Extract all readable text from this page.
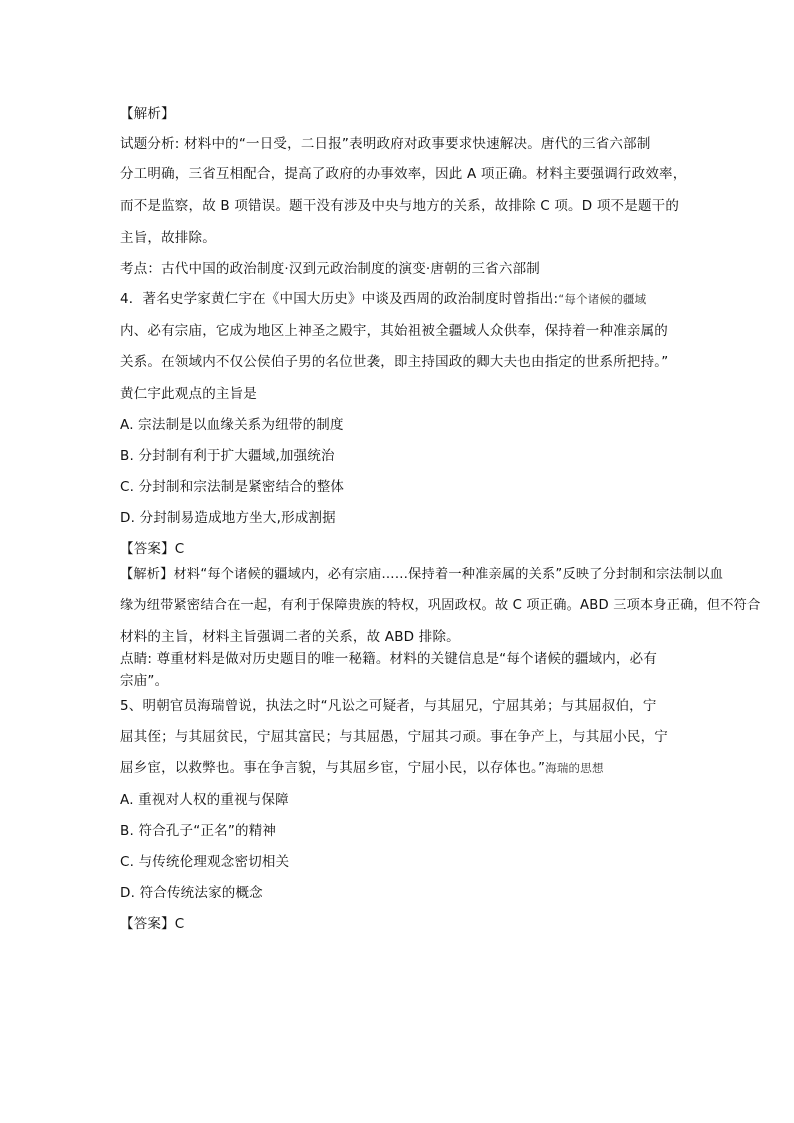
【解析】
试题分析: 材料中的“一日受，二日报”表明政府对政事要求快速解决。唐代的三省六部制
分工明确，三省互相配合，提高了政府的办事效率，因此 A 项正确。材料主要强调行政效率，
而不是监察，故 B 项错误。题干没有涉及中央与地方的关系，故排除 C 项。D 项不是题干的
主旨，故排除。
考点：古代中国的政治制度·汉到元政治制度的演变·唐朝的三省六部制
4．著名史学家黄仁宇在《中国大历史》中谈及西周的政治制度时曾指出:“每个诸候的疆域
内、必有宗庙，它成为地区上神圣之殿宇，其始祖被全疆域人众供奉，保持着一种准亲属的
关系。在领域内不仅公侯伯子男的名位世袭，即主持国政的卿大夫也由指定的世系所把持。”
黄仁宇此观点的主旨是
A. 宗法制是以血缘关系为纽带的制度
B. 分封制有利于扩大疆域,加强统治
C. 分封制和宗法制是紧密结合的整体
D. 分封制易造成地方坐大,形成割据
【答案】C
【解析】材料“每个诸候的疆域内，必有宗庙……保持着一种准亲属的关系”反映了分封制和宗法制以血
缘为纽带紧密结合在一起，有利于保障贵族的特权，巩固政权。故 C 项正确。ABD 三项本身正确，但不符合
材料的主旨，材料主旨强调二者的关系，故 ABD 排除。
点睛: 尊重材料是做对历史题目的唯一秘籍。材料的关键信息是“每个诸候的疆域内，必有
宗庙”。
5、明朝官员海瑞曾说，执法之时“凡讼之可疑者，与其屈兄，宁屈其弟；与其屈叔伯，宁
屈其侄；与其屈贫民，宁屈其富民；与其屈愚，宁屈其刁顽。事在争产上，与其屈小民，宁
屈乡宦，以救弊也。事在争言貌，与其屈乡宦，宁屈小民，以存体也。”海瑞的思想
A. 重视对人权的重视与保障
B. 符合孔子“正名”的精神
C. 与传统伦理观念密切相关
D. 符合传统法家的概念
【答案】C
